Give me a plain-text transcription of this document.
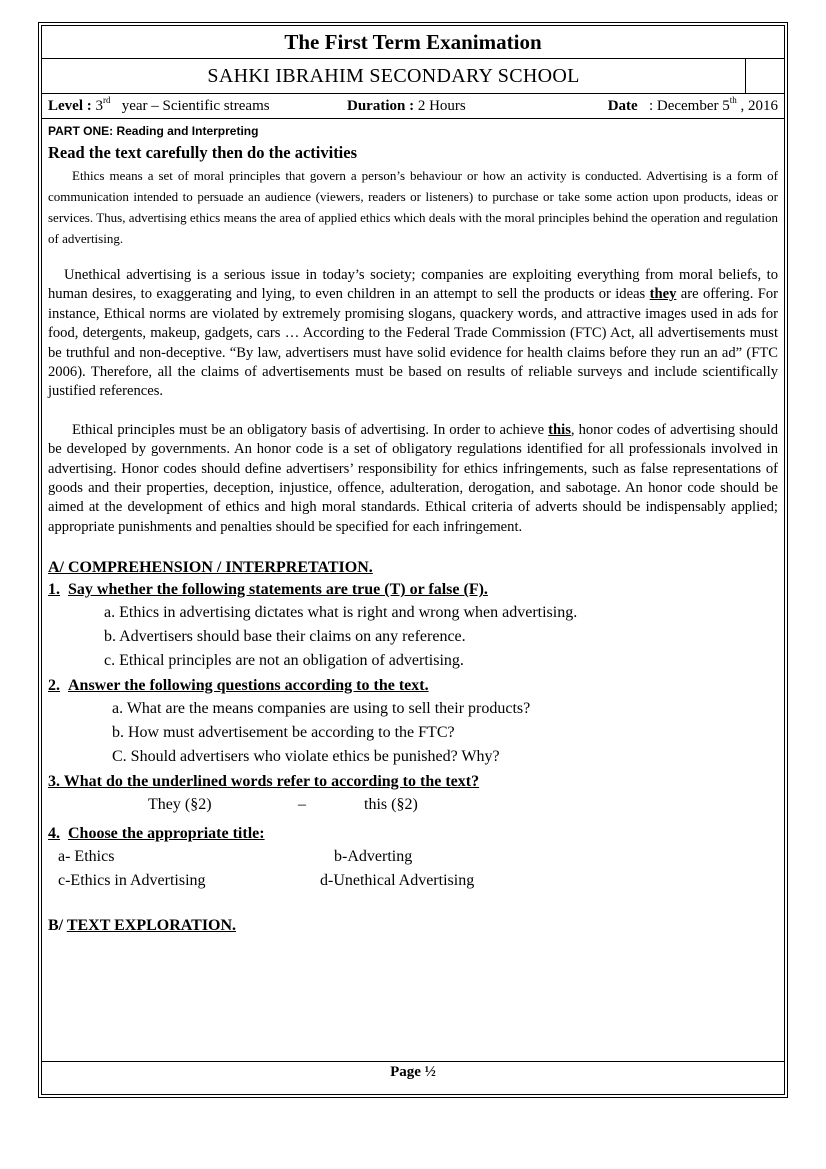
The First Term Exanimation
SAHKI IBRAHIM SECONDARY SCHOOL
Level : 3rd year – Scientific streams	Duration : 2 Hours	Date : December 5th , 2016
PART ONE: Reading and Interpreting
Read the text carefully then do the activities

Ethics means a set of moral principles that govern a person’s behaviour or how an activity is conducted. Advertising is a form of communication intended to persuade an audience (viewers, readers or listeners) to purchase or take some action upon products, ideas or services. Thus, advertising ethics means the area of applied ethics which deals with the moral principles behind the operation and regulation of advertising.

Unethical advertising is a serious issue in today’s society; companies are exploiting everything from moral beliefs, to human desires, to exaggerating and lying, to even children in an attempt to sell the products or ideas they are offering. For instance, Ethical norms are violated by extremely promising slogans, quackery words, and attractive images used in ads for food, detergents, makeup, gadgets, cars … According to the Federal Trade Commission (FTC) Act, all advertisements must be truthful and non-deceptive. “By law, advertisers must have solid evidence for health claims before they run an ad” (FTC 2006). Therefore, all the claims of advertisements must be based on results of reliable surveys and include scientifically justified references.

Ethical principles must be an obligatory basis of advertising. In order to achieve this, honor codes of advertising should be developed by governments. An honor code is a set of obligatory regulations identified for all professionals involved in advertising. Honor codes should define advertisers’ responsibility for ethics infringements, such as false representations of goods and their properties, deception, injustice, offence, adulteration, derogation, and sabotage. An honor code should be aimed at the development of ethics and high moral standards. Ethical criteria of adverts should be indispensably applied; appropriate punishments and penalties should be specified for each infringement.

A/ COMPREHENSION / INTERPRETATION.
1. Say whether the following statements are true (T) or false (F).
a. Ethics in advertising dictates what is right and wrong when advertising.
b. Advertisers should base their claims on any reference.
c. Ethical principles are not an obligation of advertising.
2. Answer the following questions according to the text.
a. What are the means companies are using to sell their products?
b. How must advertisement be according to the FTC?
C. Should advertisers who violate ethics be punished? Why?
3. What do the underlined words refer to according to the text?
They (§2)	–	this (§2)
4. Choose the appropriate title:
a- Ethics	b-Adverting
c-Ethics in Advertising	d-Unethical Advertising
B/ TEXT EXPLORATION.
Page ½
